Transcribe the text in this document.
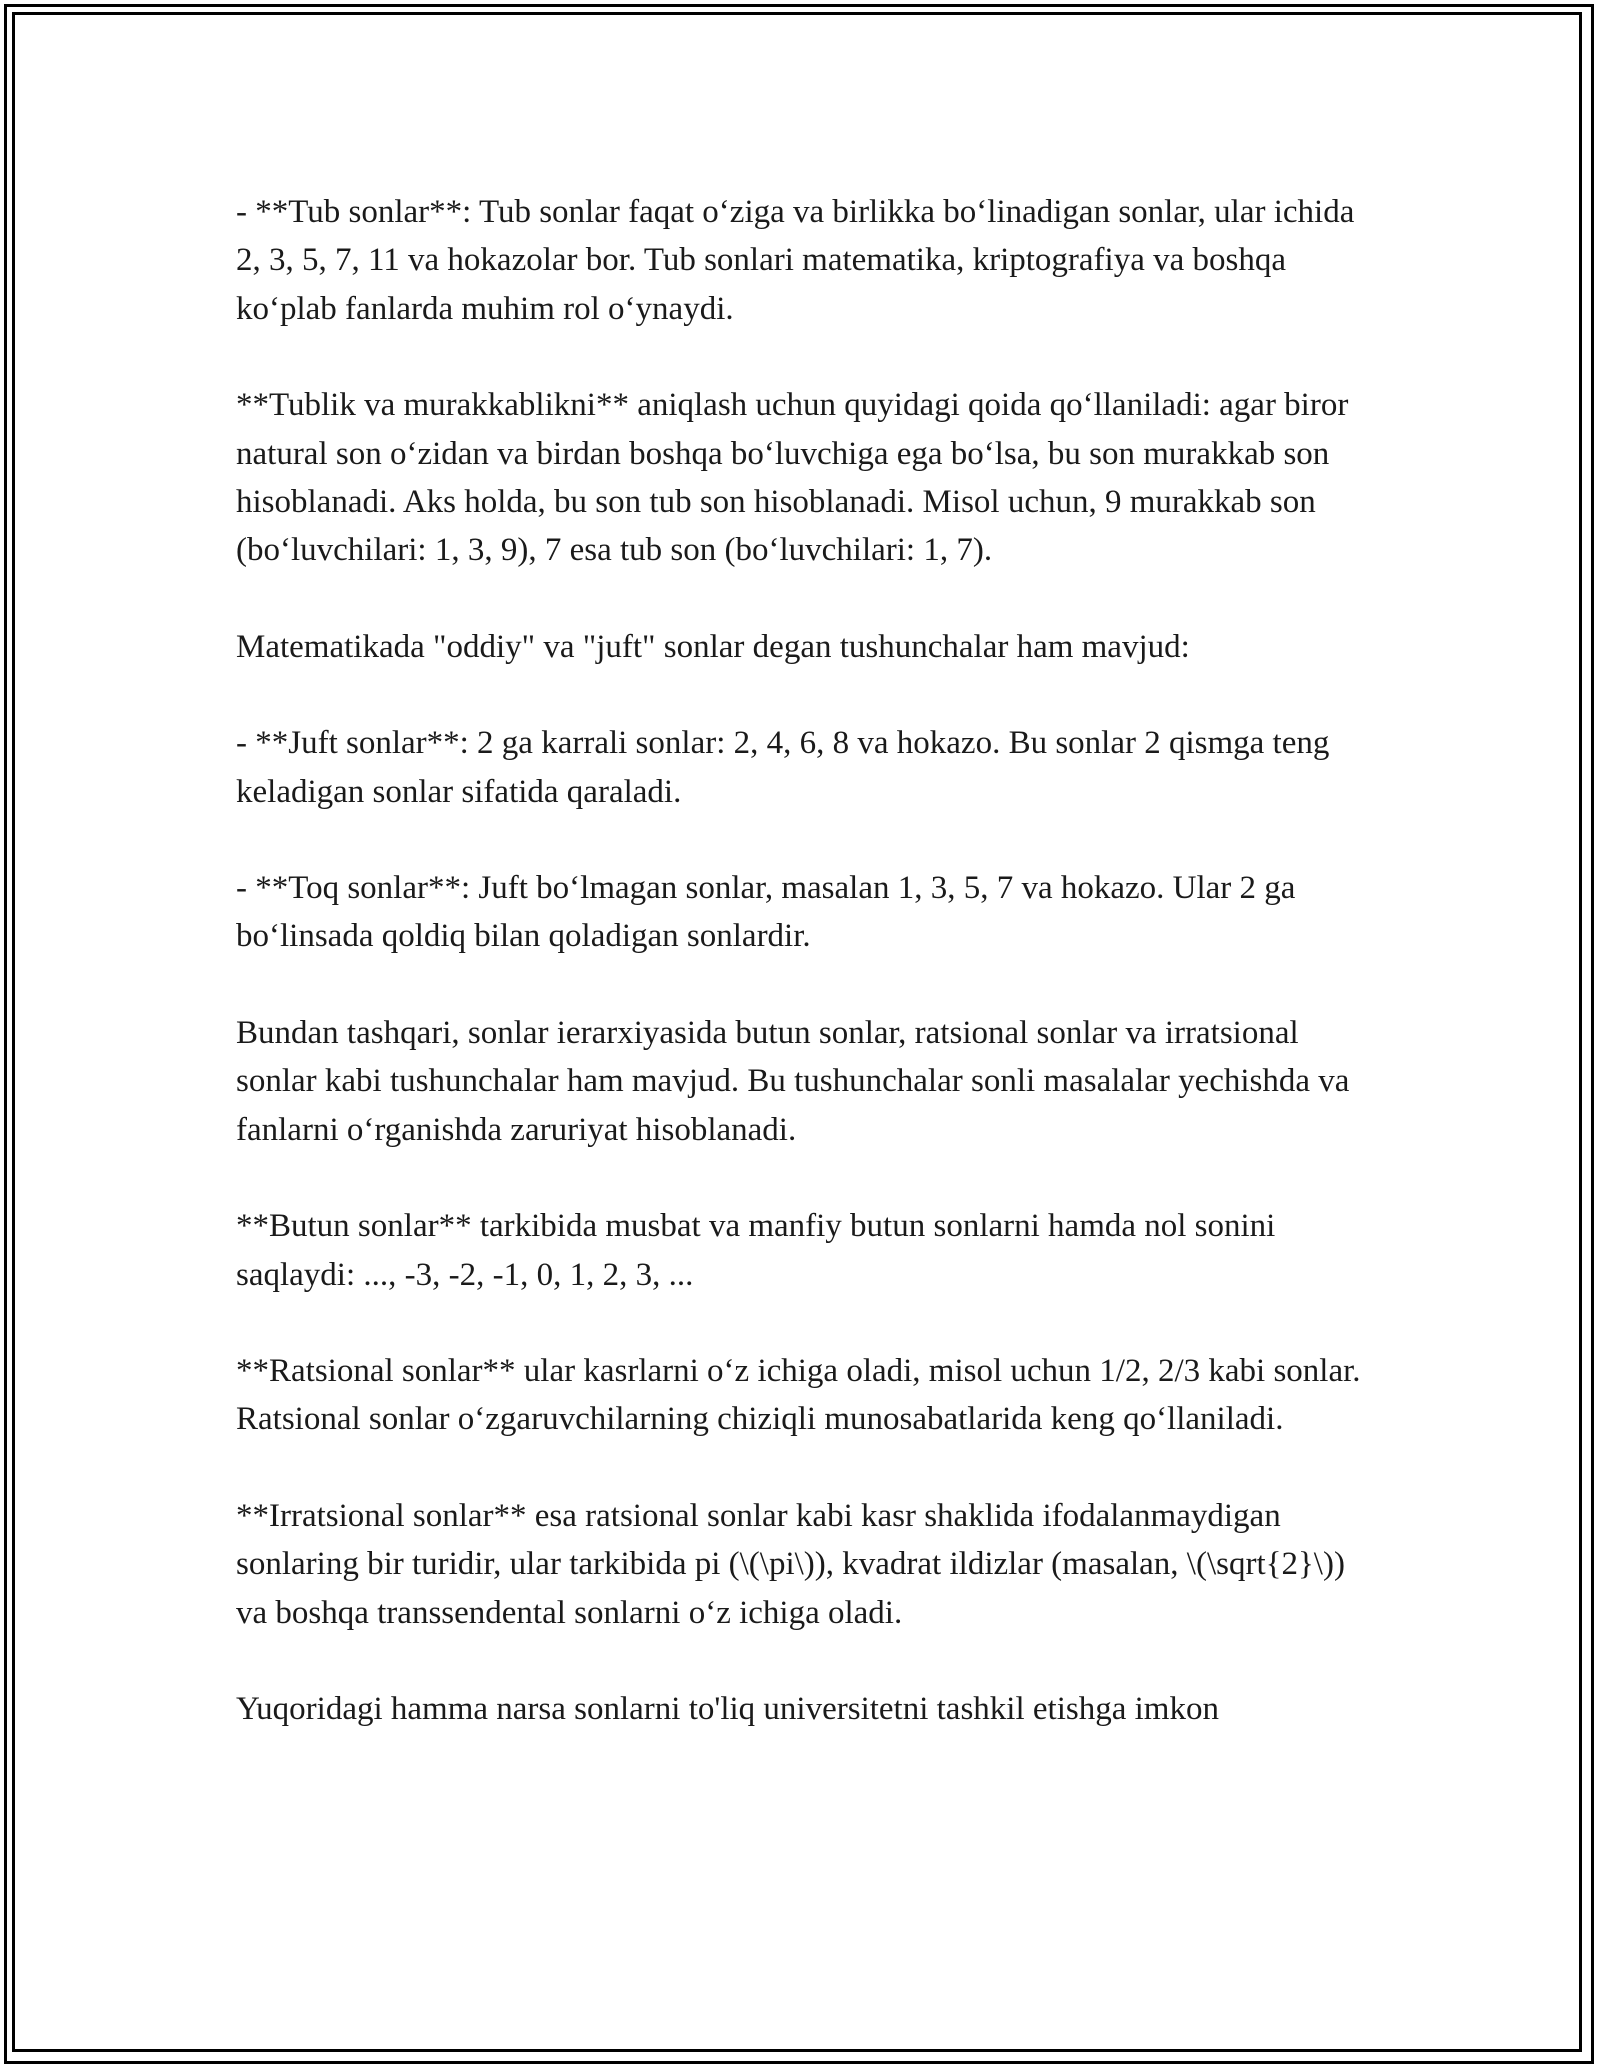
- **Tub sonlar**: Tub sonlar faqat o‘ziga va birlikka bo‘linadigan sonlar, ular ichida 2, 3, 5, 7, 11 va hokazolar bor. Tub sonlari matematika, kriptografiya va boshqa ko‘plab fanlarda muhim rol o‘ynaydi.

**Tublik va murakkablikni** aniqlash uchun quyidagi qoida qo‘llaniladi: agar biror natural son o‘zidan va birdan boshqa bo‘luvchiga ega bo‘lsa, bu son murakkab son hisoblanadi. Aks holda, bu son tub son hisoblanadi. Misol uchun, 9 murakkab son (bo‘luvchilari: 1, 3, 9), 7 esa tub son (bo‘luvchilari: 1, 7).

Matematikada "oddiy" va "juft" sonlar degan tushunchalar ham mavjud:

- **Juft sonlar**: 2 ga karrali sonlar: 2, 4, 6, 8 va hokazo. Bu sonlar 2 qismga teng keladigan sonlar sifatida qaraladi.

- **Toq sonlar**: Juft bo‘lmagan sonlar, masalan 1, 3, 5, 7 va hokazo. Ular 2 ga bo‘linsada qoldiq bilan qoladigan sonlardir.

Bundan tashqari, sonlar ierarxiyasida butun sonlar, ratsional sonlar va irratsional sonlar kabi tushunchalar ham mavjud. Bu tushunchalar sonli masalalar yechishda va fanlarni o‘rganishda zaruriyat hisoblanadi.

**Butun sonlar** tarkibida musbat va manfiy butun sonlarni hamda nol sonini saqlaydi: ..., -3, -2, -1, 0, 1, 2, 3, ...

**Ratsional sonlar** ular kasrlarni o‘z ichiga oladi, misol uchun 1/2, 2/3 kabi sonlar. Ratsional sonlar o‘zgaruvchilarning chiziqli munosabatlarida keng qo‘llaniladi.

**Irratsional sonlar** esa ratsional sonlar kabi kasr shaklida ifodalanmaydigan sonlaring bir turidir, ular tarkibida pi (\(\pi\)), kvadrat ildizlar (masalan, \(\sqrt{2}\)) va boshqa transsendental sonlarni o‘z ichiga oladi.

Yuqoridagi hamma narsa sonlarni to'liq universitetni tashkil etishga imkon
